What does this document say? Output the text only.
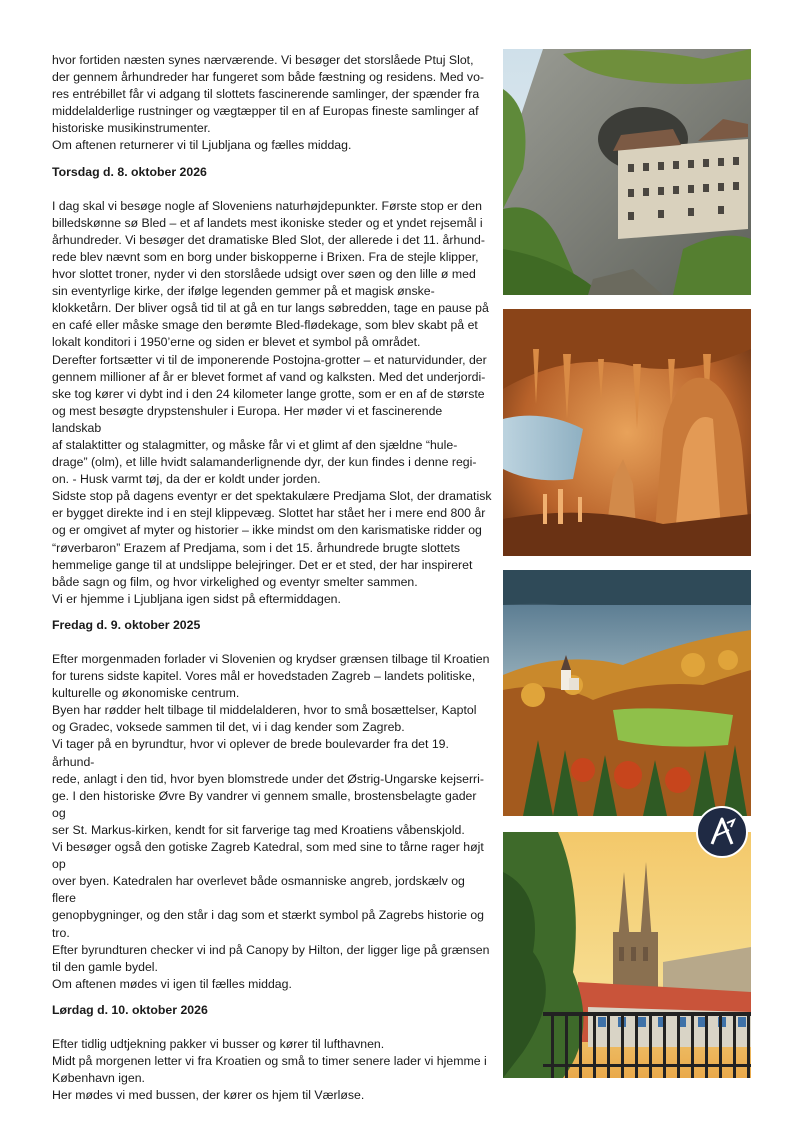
hvor fortiden næsten synes nærværende. Vi besøger det storslåede Ptuj Slot,
der gennem århundreder har fungeret som både fæstning og residens. Med vo-
res entrébillet får vi adgang til slottets fascinerende samlinger, der spænder fra
middelalderlige rustninger og vægtæpper til en af Europas fineste samlinger af
historiske musikinstrumenter.
Om aftenen returnerer vi til Ljubljana og fælles middag.

Torsdag d. 8. oktober 2026

I dag skal vi besøge nogle af Sloveniens naturhøjdepunkter. Første stop er den
billedskønne sø Bled – et af landets mest ikoniske steder og et yndet rejsemål i
århundreder. Vi besøger det dramatiske Bled Slot, der allerede i det 11. århund-
rede blev nævnt som en borg under biskopperne i Brixen. Fra de stejle klipper,
hvor slottet troner, nyder vi den storslåede udsigt over søen og den lille ø med
sin eventyrlige kirke, der ifølge legenden gemmer på et magisk ønske-
klokketårn. Der bliver også tid til at gå en tur langs søbredden, tage en pause på
en café eller måske smage den berømte Bled-flødekage, som blev skabt på et
lokalt konditori i 1950’erne og siden er blevet et symbol på området.

Derefter fortsætter vi til de imponerende Postojna-grotter – et naturvidunder, der
gennem millioner af år er blevet formet af vand og kalksten. Med det underjordi-
ske tog kører vi dybt ind i den 24 kilometer lange grotte, som er en af de største
og mest besøgte drypstenshuler i Europa. Her møder vi et fascinerende landskab
af stalaktitter og stalagmitter, og måske får vi et glimt af den sjældne “hule-
drage” (olm), et lille hvidt salamanderlignende dyr, der kun findes i denne regi-
on. - Husk varmt tøj, da der er koldt under jorden.

Sidste stop på dagens eventyr er det spektakulære Predjama Slot, der dramatisk
er bygget direkte ind i en stejl klippevæg. Slottet har stået her i mere end 800 år
og er omgivet af myter og historier – ikke mindst om den karismatiske ridder og
“røverbaron” Erazem af Predjama, som i det 15. århundrede brugte slottets
hemmelige gange til at undslippe belejringer. Det er et sted, der har inspireret
både sagn og film, og hvor virkelighed og eventyr smelter sammen.

Vi er hjemme i Ljubljana igen sidst på eftermiddagen.

Fredag d. 9. oktober 2025

Efter morgenmaden forlader vi Slovenien og krydser grænsen tilbage til Kroatien
for turens sidste kapitel. Vores mål er hovedstaden Zagreb – landets politiske,
kulturelle og økonomiske centrum.

Byen har rødder helt tilbage til middelalderen, hvor to små bosættelser, Kaptol
og Gradec, voksede sammen til det, vi i dag kender som Zagreb.

Vi tager på en byrundtur, hvor vi oplever de brede boulevarder fra det 19. århund-
rede, anlagt i den tid, hvor byen blomstrede under det Østrig-Ungarske kejserri-
ge. I den historiske Øvre By vandrer vi gennem smalle, brostensbelagte gader og
ser St. Markus-kirken, kendt for sit farverige tag med Kroatiens våbenskjold.

Vi besøger også den gotiske Zagreb Katedral, som med sine to tårne rager højt op
over byen. Katedralen har overlevet både osmanniske angreb, jordskælv og flere
genopbygninger, og den står i dag som et stærkt symbol på Zagrebs historie og
tro.

Efter byrundturen checker vi ind på Canopy by Hilton, der ligger lige på grænsen
til den gamle bydel.

Om aftenen mødes vi igen til fælles middag.

Lørdag d. 10. oktober 2026

Efter tidlig udtjekning pakker vi busser og kører til lufthavnen.

Midt på morgenen letter vi fra Kroatien og små to timer senere lader vi hjemme i
København igen.

Her mødes vi med bussen, der kører os hjem til Værløse.
